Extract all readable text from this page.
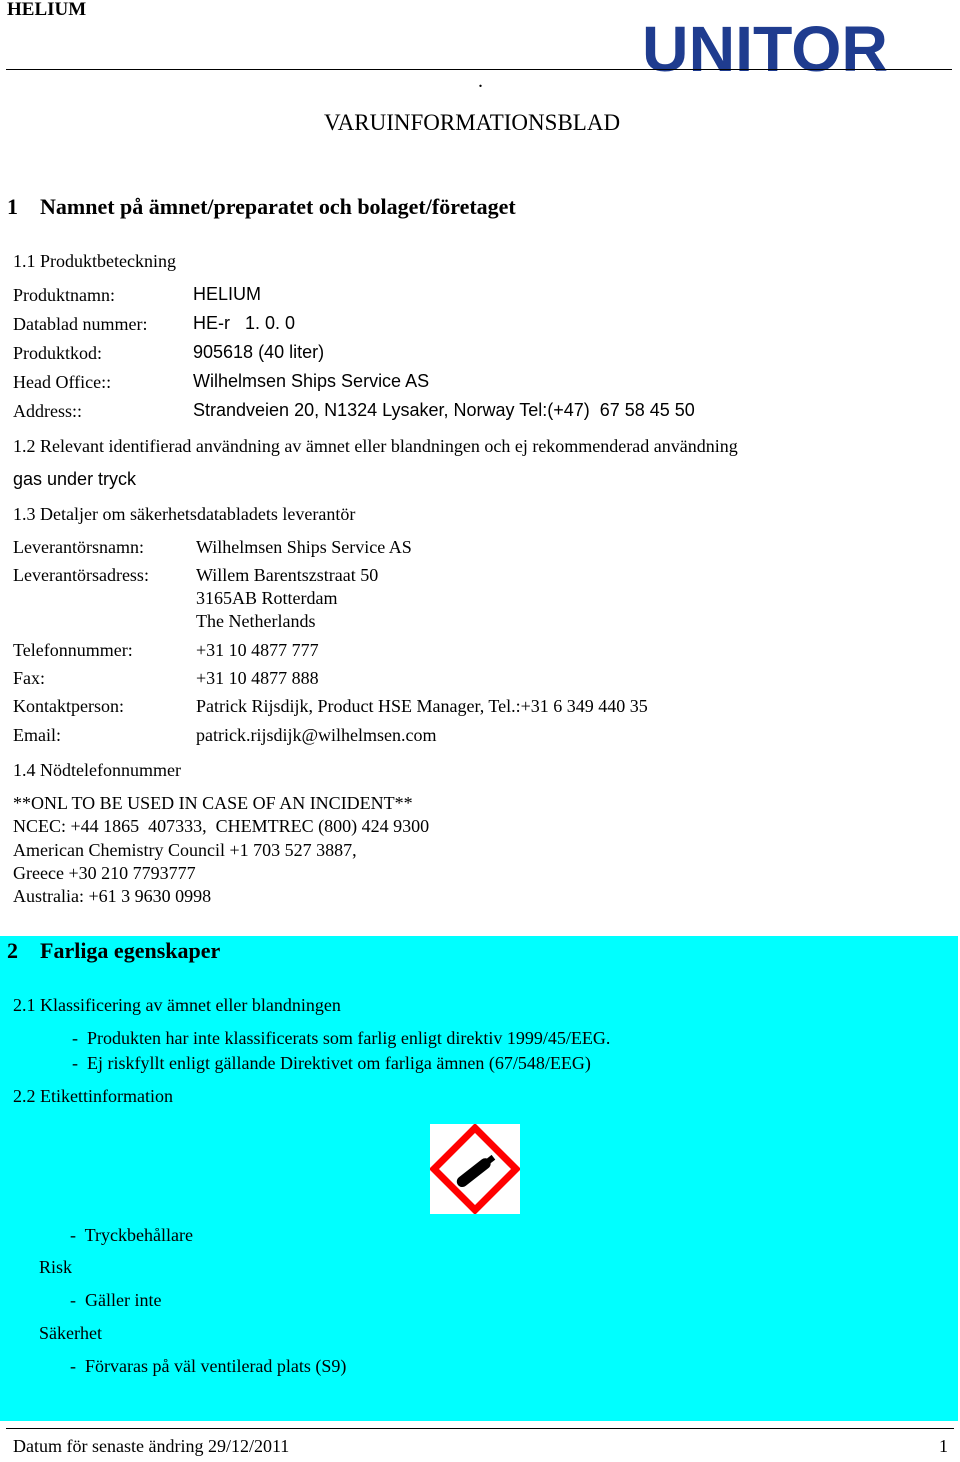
HELIUM
UNITOR
.
VARUINFORMATIONSBLAD
1 Namnet på ämnet/preparatet och bolaget/företaget
1.1 Produktbeteckning
Produktnamn:	HELIUM
Datablad nummer:	HE-r   1. 0. 0
Produktkod:	905618 (40 liter)
Head Office::	Wilhelmsen Ships Service AS
Address::	Strandveien 20, N1324 Lysaker, Norway Tel:(+47)  67 58 45 50
1.2 Relevant identifierad användning av ämnet eller blandningen och ej rekommenderad användning
gas under tryck
1.3 Detaljer om säkerhetsdatabladets leverantör
Leverantörsnamn:	Wilhelmsen Ships Service AS
Leverantörsadress:	Willem Barentszstraat 50
3165AB Rotterdam
The Netherlands
Telefonnummer:	+31 10 4877 777
Fax:	+31 10 4877 888
Kontaktperson:	Patrick Rijsdijk, Product HSE Manager, Tel.:+31 6 349 440 35
Email:	patrick.rijsdijk@wilhelmsen.com
1.4 Nödtelefonnummer
**ONL TO BE USED IN CASE OF AN INCIDENT**
NCEC: +44 1865  407333,  CHEMTREC (800) 424 9300
American Chemistry Council +1 703 527 3887,
Greece +30 210 7793777
Australia: +61 3 9630 0998
2 Farliga egenskaper
2.1 Klassificering av ämnet eller blandningen
-  Produkten har inte klassificerats som farlig enligt direktiv 1999/45/EEG.
-  Ej riskfyllt enligt gällande Direktivet om farliga ämnen (67/548/EEG)
2.2 Etikettinformation
-  Tryckbehållare
Risk
-  Gäller inte
Säkerhet
-  Förvaras på väl ventilerad plats (S9)
Datum för senaste ändring 29/12/2011	1
